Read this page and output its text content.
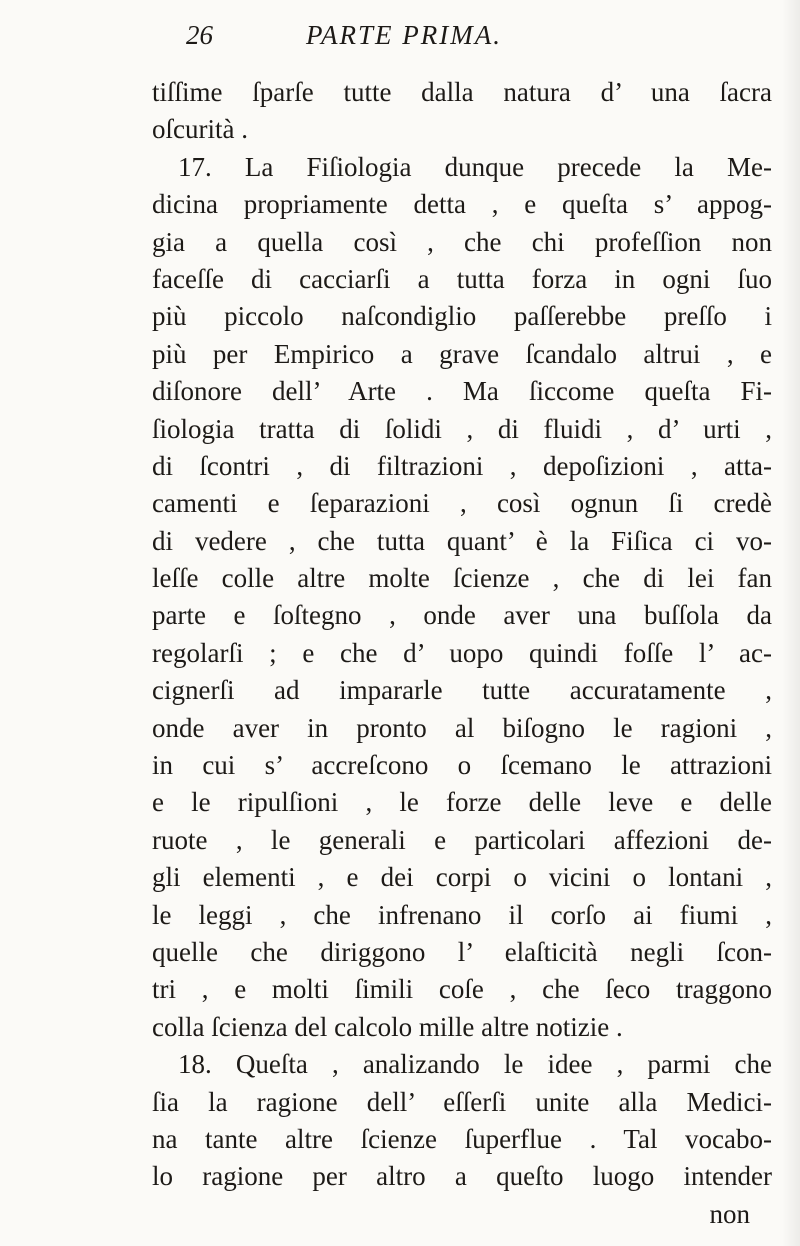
26	PARTE PRIMA.
tiſſime ſparſe tutte dalla natura d’ una ſacra
oſcurità .
17. La Fiſiologia dunque precede la Me-
dicina propriamente detta , e queſta s’ appog-
gia a quella così , che chi profeſſion non
faceſſe di cacciarſi a tutta forza in ogni ſuo
più piccolo naſcondiglio paſſerebbe preſſo i
più per Empirico a grave ſcandalo altrui , e
diſonore dell’ Arte . Ma ſiccome queſta Fi-
ſiologia tratta di ſolidi , di fluidi , d’ urti ,
di ſcontri , di filtrazioni , depoſizioni , atta-
camenti e ſeparazioni , così ognun ſi credè
di vedere , che tutta quant’ è la Fiſica ci vo-
leſſe colle altre molte ſcienze , che di lei fan
parte e ſoſtegno , onde aver una buſſola da
regolarſi ; e che d’ uopo quindi foſſe l’ ac-
cignerſi ad impararle tutte accuratamente ,
onde aver in pronto al biſogno le ragioni ,
in cui s’ accreſcono o ſcemano le attrazioni
e le ripulſioni , le forze delle leve e delle
ruote , le generali e particolari affezioni de-
gli elementi , e dei corpi o vicini o lontani ,
le leggi , che infrenano il corſo ai fiumi ,
quelle che diriggono l’ elaſticità negli ſcon-
tri , e molti ſimili coſe , che ſeco traggono
colla ſcienza del calcolo mille altre notizie .
18. Queſta , analizando le idee , parmi che
ſia la ragione dell’ eſſerſi unite alla Medici-
na tante altre ſcienze ſuperflue . Tal vocabo-
lo ragione per altro a queſto luogo intender
non
